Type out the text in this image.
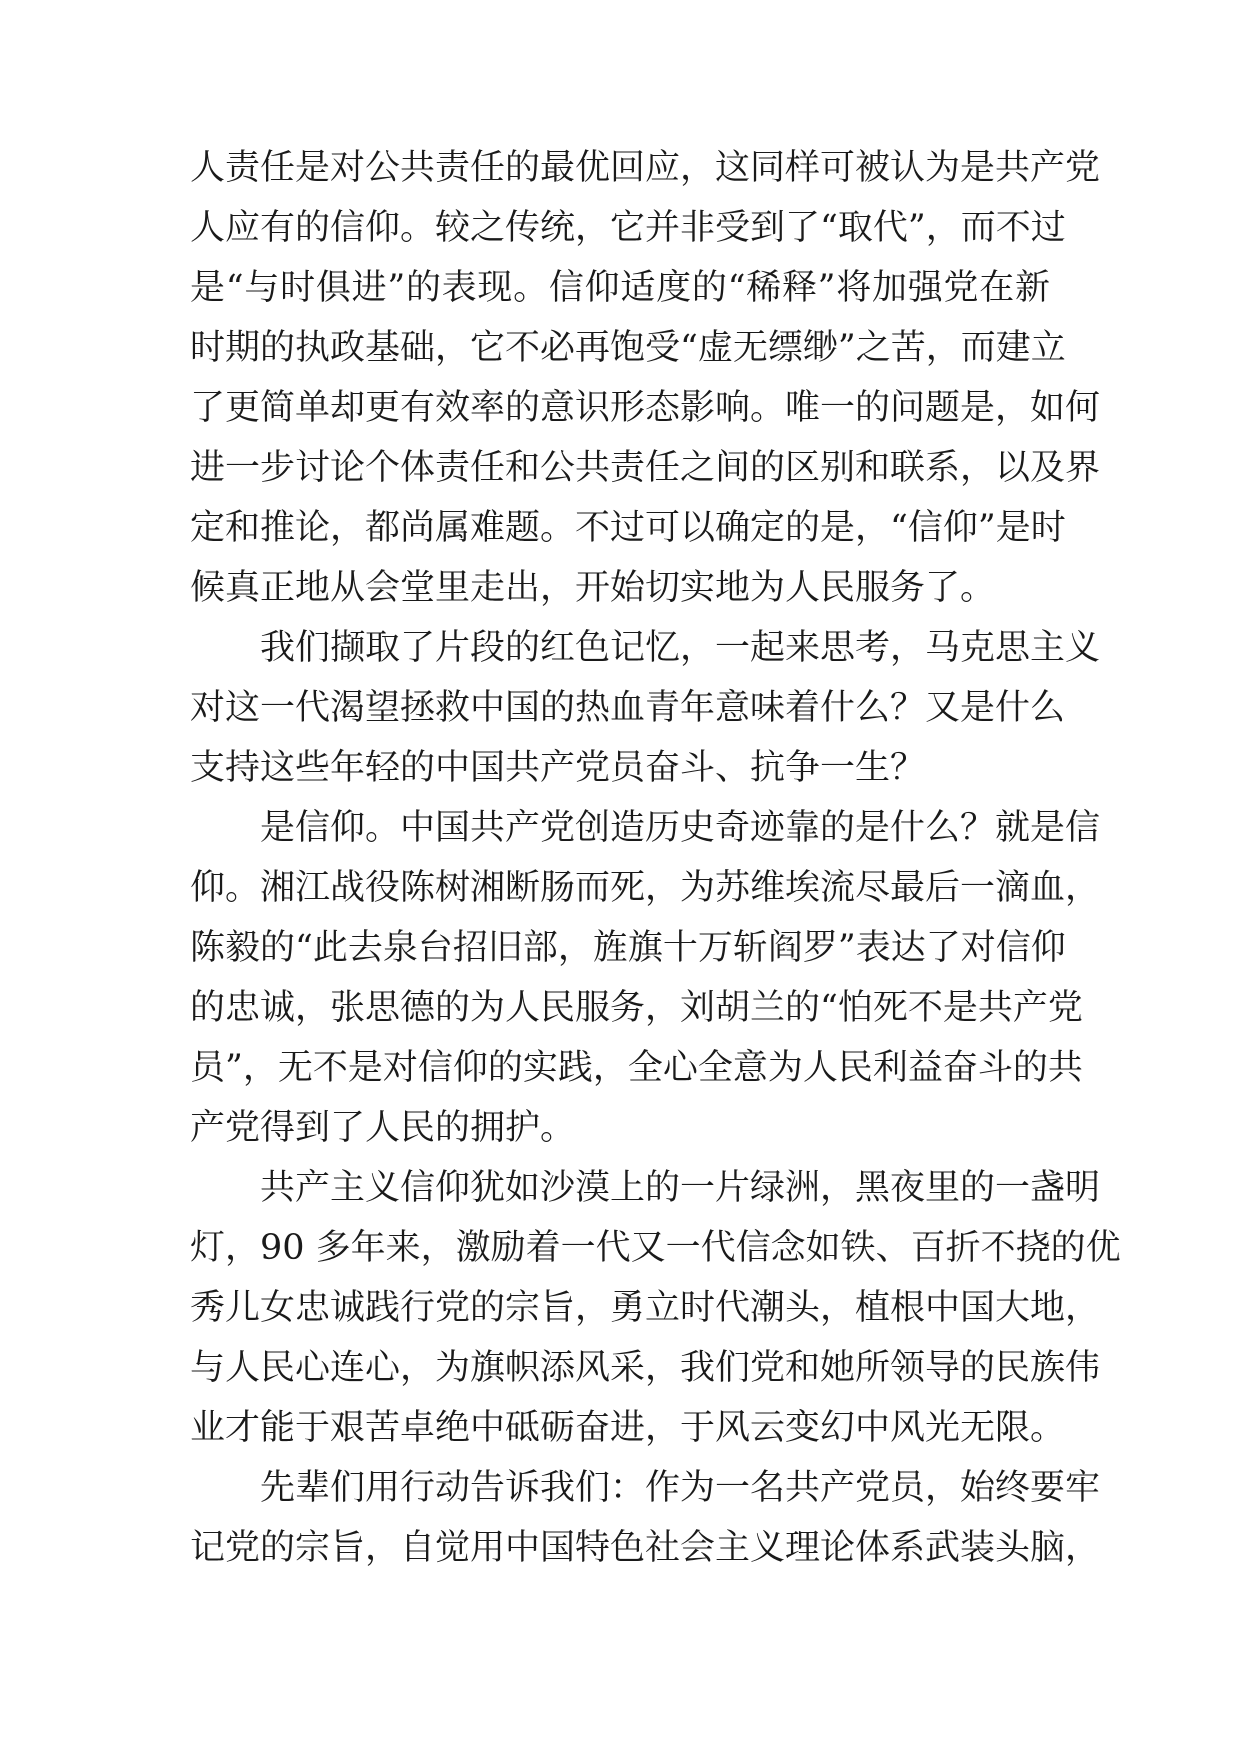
人责任是对公共责任的最优回应，这同样可被认为是共产党
人应有的信仰。较之传统，它并非受到了“取代”，而不过
是“与时俱进”的表现。信仰适度的“稀释”将加强党在新
时期的执政基础，它不必再饱受“虚无缥缈”之苦，而建立
了更简单却更有效率的意识形态影响。唯一的问题是，如何
进一步讨论个体责任和公共责任之间的区别和联系，以及界
定和推论，都尚属难题。不过可以确定的是，“信仰”是时
候真正地从会堂里走出，开始切实地为人民服务了。
我们撷取了片段的红色记忆，一起来思考，马克思主义
对这一代渴望拯救中国的热血青年意味着什么？又是什么
支持这些年轻的中国共产党员奋斗、抗争一生？
是信仰。中国共产党创造历史奇迹靠的是什么？就是信
仰。湘江战役陈树湘断肠而死，为苏维埃流尽最后一滴血，
陈毅的“此去泉台招旧部，旌旗十万斩阎罗”表达了对信仰
的忠诚，张思德的为人民服务，刘胡兰的“怕死不是共产党
员”，无不是对信仰的实践，全心全意为人民利益奋斗的共
产党得到了人民的拥护。
共产主义信仰犹如沙漠上的一片绿洲，黑夜里的一盏明
灯，90 多年来，激励着一代又一代信念如铁、百折不挠的优
秀儿女忠诚践行党的宗旨，勇立时代潮头，植根中国大地，
与人民心连心，为旗帜添风采，我们党和她所领导的民族伟
业才能于艰苦卓绝中砥砺奋进，于风云变幻中风光无限。
先辈们用行动告诉我们：作为一名共产党员，始终要牢
记党的宗旨，自觉用中国特色社会主义理论体系武装头脑，
